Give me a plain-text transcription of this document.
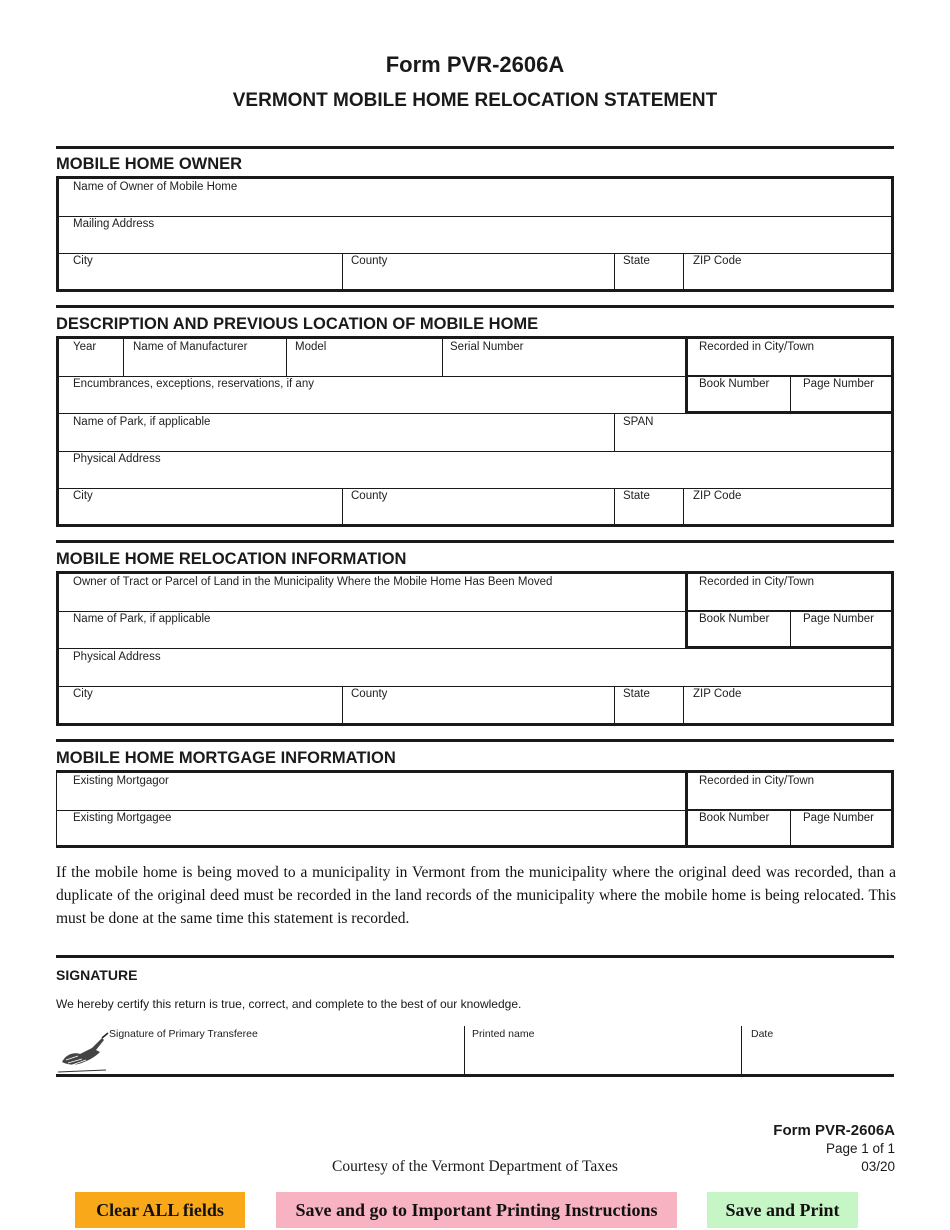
Form PVR-2606A
VERMONT MOBILE HOME RELOCATION STATEMENT
MOBILE HOME OWNER
Name of Owner of Mobile Home
Mailing Address
City	County	State	ZIP Code
DESCRIPTION AND PREVIOUS LOCATION OF MOBILE HOME
Year	Name of Manufacturer	Model	Serial Number	Recorded in City/Town
Encumbrances, exceptions, reservations, if any	Book Number	Page Number
Name of Park, if applicable	SPAN
Physical Address
City	County	State	ZIP Code
MOBILE HOME RELOCATION INFORMATION
Owner of Tract or Parcel of Land in the Municipality Where the Mobile Home Has Been Moved	Recorded in City/Town
Name of Park, if applicable	Book Number	Page Number
Physical Address
City	County	State	ZIP Code
MOBILE HOME MORTGAGE INFORMATION
Existing Mortgagor	Recorded in City/Town
Existing Mortgagee	Book Number	Page Number
If the mobile home is being moved to a municipality in Vermont from the municipality where the original deed was recorded, than a duplicate of the original deed must be recorded in the land records of the municipality where the mobile home is being relocated. This must be done at the same time this statement is recorded.
SIGNATURE
We hereby certify this return is true, correct, and complete to the best of our knowledge.
Signature of Primary Transferee	Printed name	Date
Form PVR-2606A
Page 1 of 1
03/20
Courtesy of the Vermont Department of Taxes
Clear ALL fields	Save and go to Important Printing Instructions	Save and Print
